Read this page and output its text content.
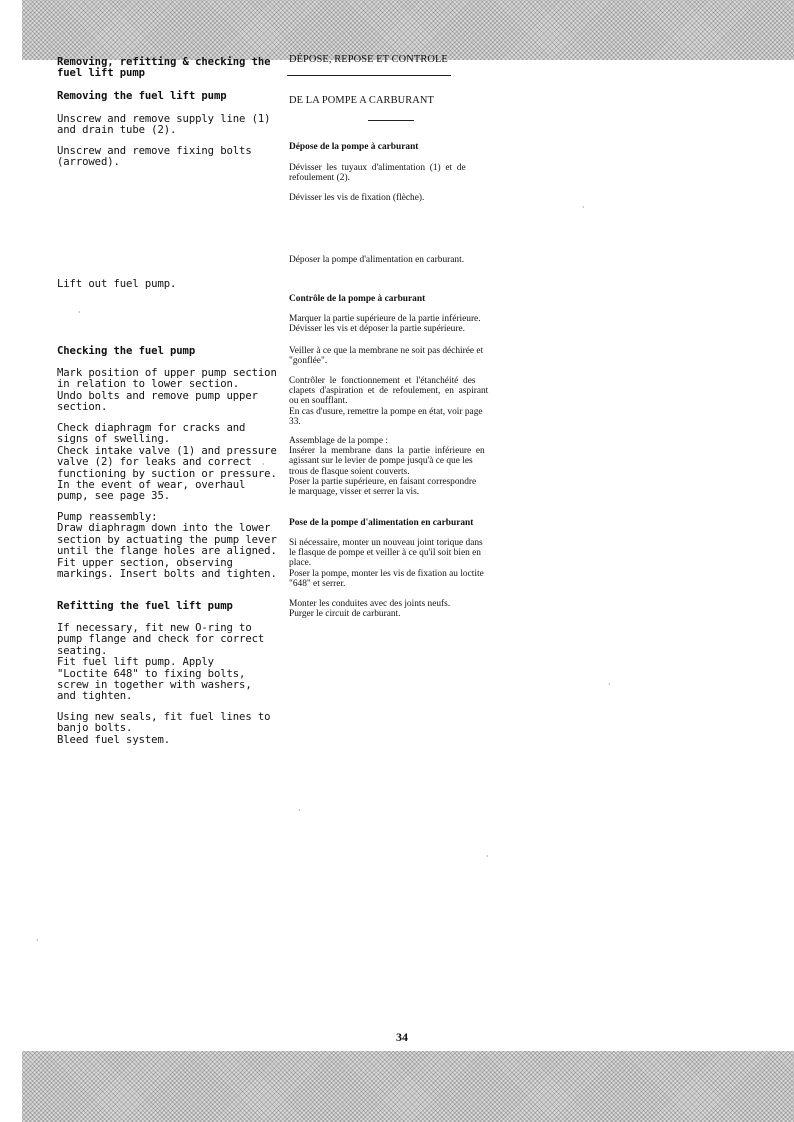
Removing, refitting & checking the
fuel lift pump
Removing the fuel lift pump
Unscrew and remove supply line (1)
and drain tube (2).
Unscrew and remove fixing bolts
(arrowed).
Lift out fuel pump.
Checking the fuel pump
Mark position of upper pump section
in relation to lower section.
Undo bolts and remove pump upper
section.
Check diaphragm for cracks and
signs of swelling.
Check intake valve (1) and pressure
valve (2) for leaks and correct
functioning by suction or pressure.
In the event of wear, overhaul
pump, see page 35.
Pump reassembly:
Draw diaphragm down into the lower
section by actuating the pump lever
until the flange holes are aligned.
Fit upper section, observing
markings. Insert bolts and tighten.
Refitting the fuel lift pump
If necessary, fit new O-ring to
pump flange and check for correct
seating.
Fit fuel lift pump. Apply
"Loctite 648" to fixing bolts,
screw in together with washers,
and tighten.
Using new seals, fit fuel lines to
banjo bolts.
Bleed fuel system.
DÉPOSE, REPOSE ET CONTROLE
DE LA POMPE A CARBURANT
Dépose de la pompe à carburant
Dévisser  les  tuyaux  d'alimentation  (1)  et  de
refoulement (2).
Dévisser les vis de fixation (flèche).
Déposer la pompe d'alimentation en carburant.
Contrôle de la pompe à carburant
Marquer la partie supérieure de la partie inférieure.
Dévisser les vis et déposer la partie supérieure.
Veiller à ce que la membrane ne soit pas déchirée et
"gonflée".
Contrôler  le  fonctionnement  et  l'étanchéité  des
clapets  d'aspiration  et  de  refoulement,  en  aspirant
ou en soufflant.
En cas d'usure, remettre la pompe en état, voir page
33.
Assemblage de la pompe :
Insérer  la  membrane  dans  la  partie  inférieure  en
agissant sur le levier de pompe jusqu'à ce que les
trous de flasque soient couverts.
Poser la partie supérieure, en faisant correspondre
le marquage, visser et serrer la vis.
Pose de la pompe d'alimentation en carburant
Si nécessaire, monter un nouveau joint torique dans
le flasque de pompe et veiller à ce qu'il soit bien en
place.
Poser la pompe, monter les vis de fixation au loctite
"648" et serrer.
Monter les conduites avec des joints neufs.
Purger le circuit de carburant.
34
·
·
·
·
·
·
·
